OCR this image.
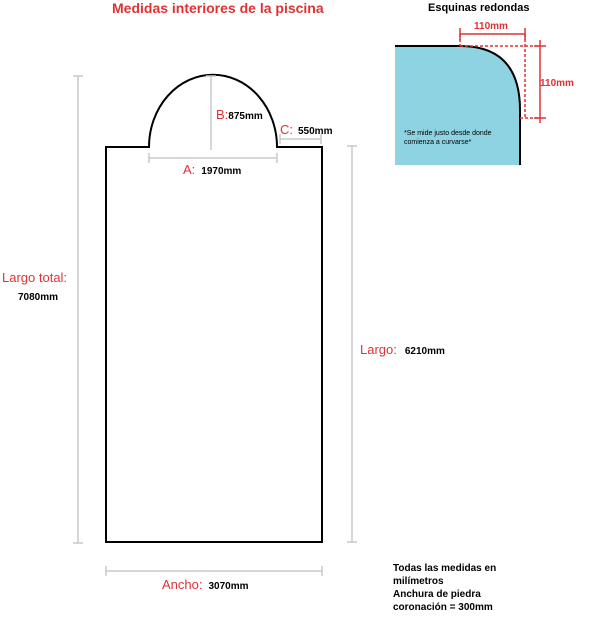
Medidas interiores de la piscina	Esquinas redondas
110mm
110mm
*Se mide justo desde donde comienza a curvarse*
B:875mm
C: 550mm
A: 1970mm
Largo total:
7080mm
Largo: 6210mm
Ancho: 3070mm
Todas las medidas en
milímetros
Anchura de piedra
coronación = 300mm
